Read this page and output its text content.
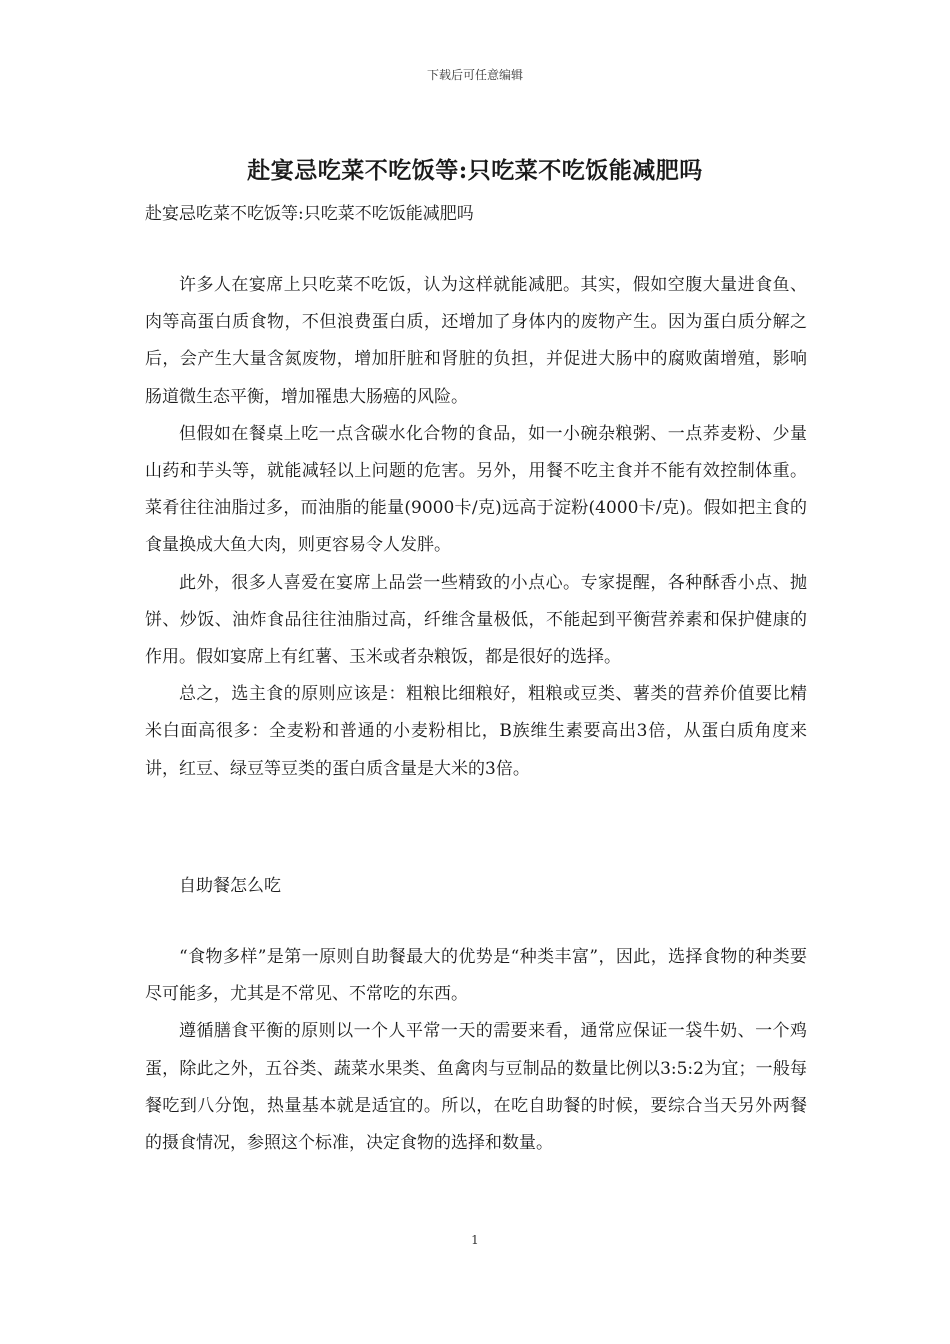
下载后可任意编辑
赴宴忌吃菜不吃饭等:只吃菜不吃饭能减肥吗
赴宴忌吃菜不吃饭等:只吃菜不吃饭能减肥吗

许多人在宴席上只吃菜不吃饭，认为这样就能减肥。其实，假如空腹大量进食鱼、肉等高蛋白质食物，不但浪费蛋白质，还增加了身体内的废物产生。因为蛋白质分解之后，会产生大量含氮废物，增加肝脏和肾脏的负担，并促进大肠中的腐败菌增殖，影响肠道微生态平衡，增加罹患大肠癌的风险。

但假如在餐桌上吃一点含碳水化合物的食品，如一小碗杂粮粥、一点荞麦粉、少量山药和芋头等，就能减轻以上问题的危害。另外，用餐不吃主食并不能有效控制体重。菜肴往往油脂过多，而油脂的能量(9000卡/克)远高于淀粉(4000卡/克)。假如把主食的食量换成大鱼大肉，则更容易令人发胖。

此外，很多人喜爱在宴席上品尝一些精致的小点心。专家提醒，各种酥香小点、抛饼、炒饭、油炸食品往往油脂过高，纤维含量极低，不能起到平衡营养素和保护健康的作用。假如宴席上有红薯、玉米或者杂粮饭，都是很好的选择。

总之，选主食的原则应该是：粗粮比细粮好，粗粮或豆类、薯类的营养价值要比精米白面高很多：全麦粉和普通的小麦粉相比，B族维生素要高出3倍，从蛋白质角度来讲，红豆、绿豆等豆类的蛋白质含量是大米的3倍。

自助餐怎么吃

“食物多样”是第一原则自助餐最大的优势是“种类丰富”，因此，选择食物的种类要尽可能多，尤其是不常见、不常吃的东西。

遵循膳食平衡的原则以一个人平常一天的需要来看，通常应保证一袋牛奶、一个鸡蛋，除此之外，五谷类、蔬菜水果类、鱼禽肉与豆制品的数量比例以3:5:2为宜；一般每餐吃到八分饱，热量基本就是适宜的。所以，在吃自助餐的时候，要综合当天另外两餐的摄食情况，参照这个标准，决定食物的选择和数量。

1
